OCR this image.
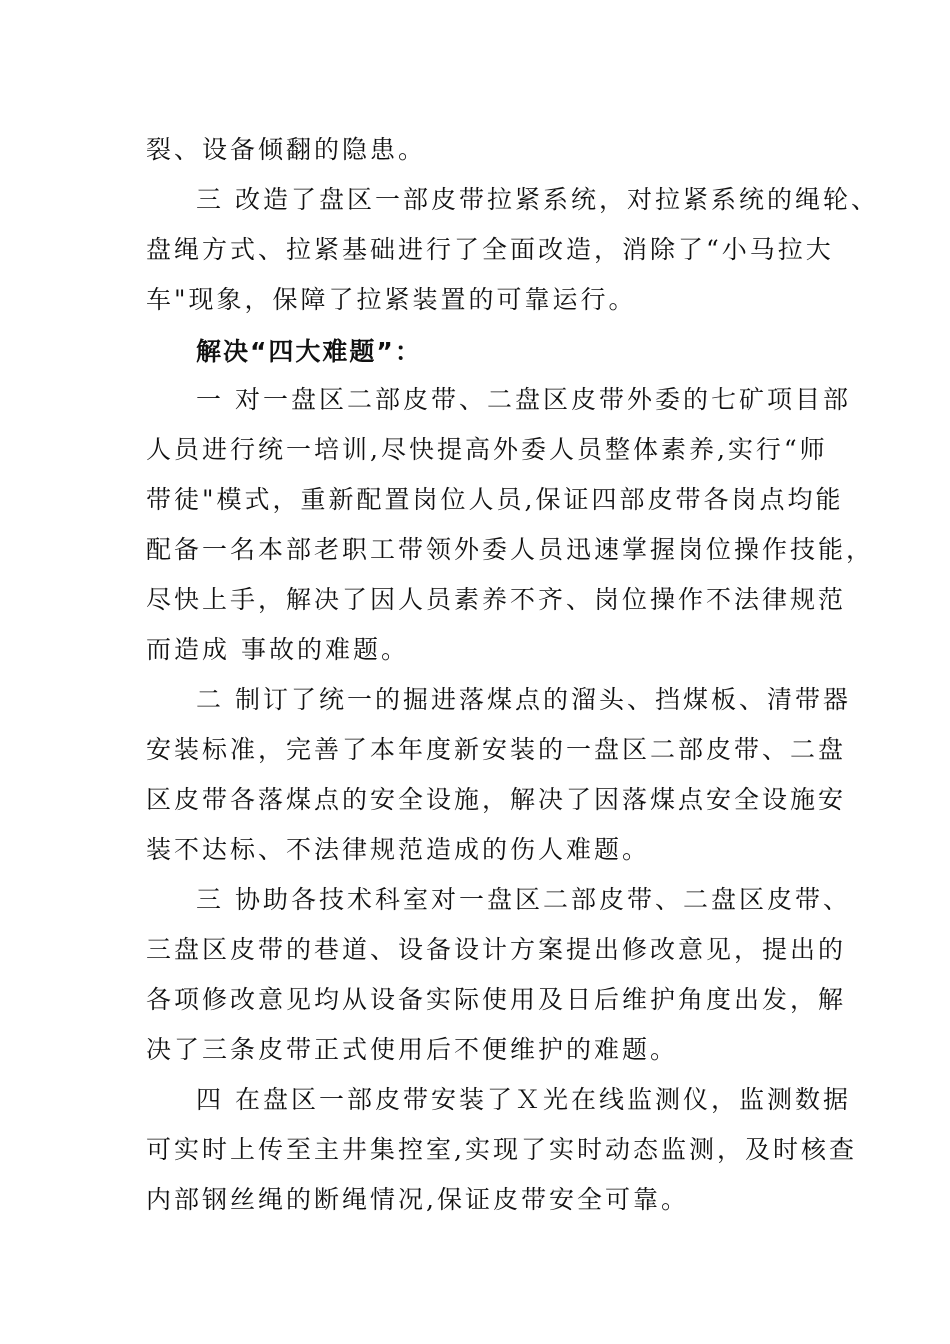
裂、设备倾翻的隐患。
三 改造了盘区一部皮带拉紧系统，对拉紧系统的绳轮、
盘绳方式、拉紧基础进行了全面改造，消除了“小马拉大
车"现象，保障了拉紧装置的可靠运行。
解决“四大难题”：
一 对一盘区二部皮带、二盘区皮带外委的七矿项目部
人员进行统一培训,尽快提高外委人员整体素养,实行“师
带徒"模式，重新配置岗位人员,保证四部皮带各岗点均能
配备一名本部老职工带领外委人员迅速掌握岗位操作技能，
尽快上手，解决了因人员素养不齐、岗位操作不法律规范
而造成 事故的难题。
二 制订了统一的掘进落煤点的溜头、挡煤板、清带器
安装标准，完善了本年度新安装的一盘区二部皮带、二盘
区皮带各落煤点的安全设施，解决了因落煤点安全设施安
装不达标、不法律规范造成的伤人难题。
三 协助各技术科室对一盘区二部皮带、二盘区皮带、
三盘区皮带的巷道、设备设计方案提出修改意见，提出的
各项修改意见均从设备实际使用及日后维护角度出发，解
决了三条皮带正式使用后不便维护的难题。
四 在盘区一部皮带安装了Ｘ光在线监测仪，监测数据
可实时上传至主井集控室,实现了实时动态监测，及时核查
内部钢丝绳的断绳情况,保证皮带安全可靠。
